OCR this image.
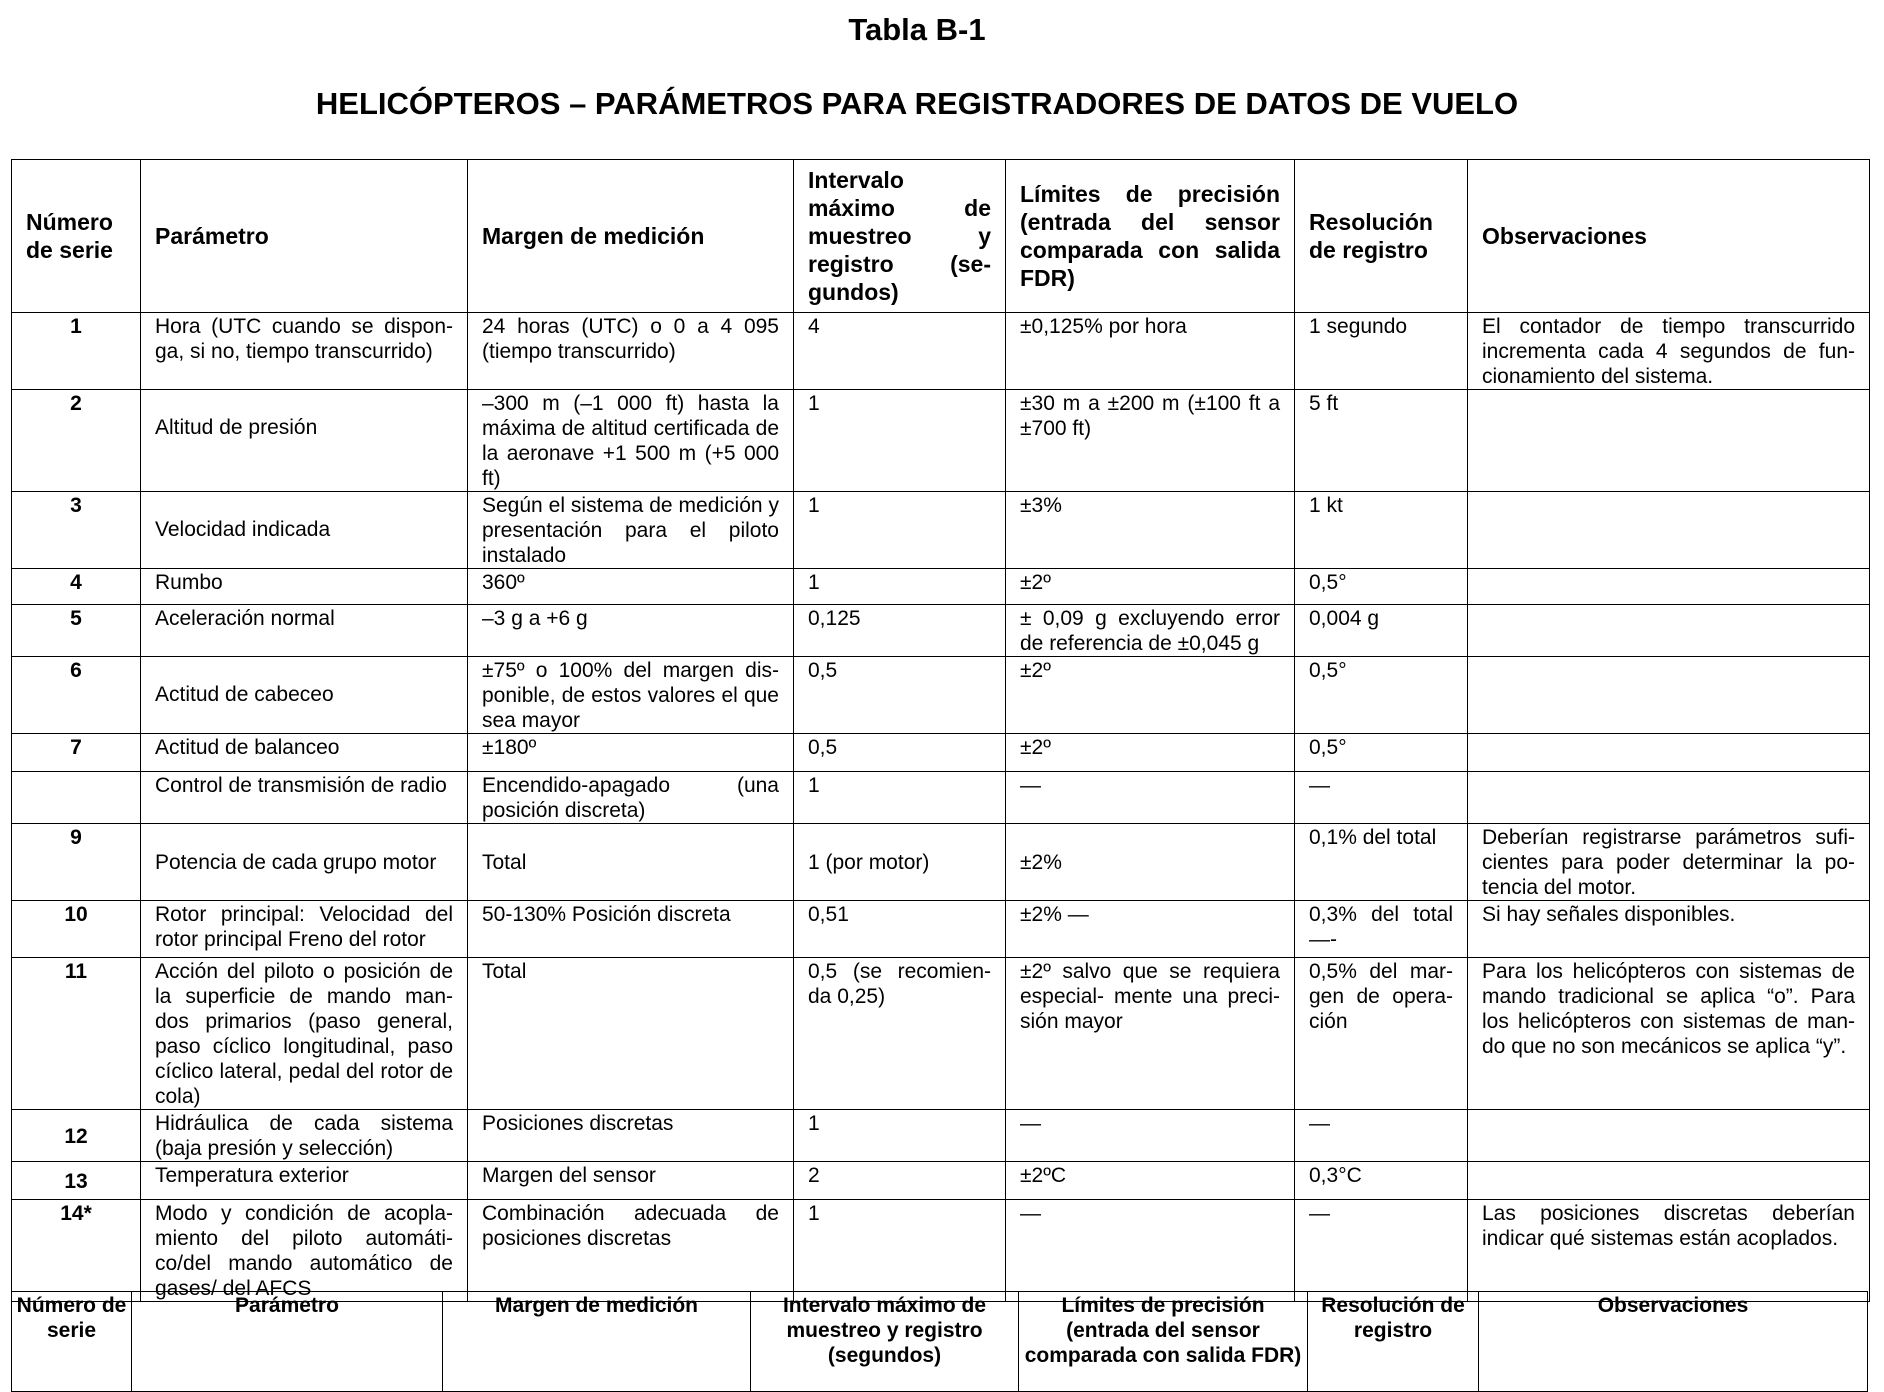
Tabla B-1
HELICÓPTEROS – PARÁMETROS PARA REGISTRADORES DE DATOS DE VUELO
Número de serie	Parámetro	Margen de medición	Intervalo máximo de muestreo y registro (se- gundos)	Límites de precisión (entrada del sensor comparada con salida FDR)	Resolución de registro	Observaciones
1	Hora (UTC cuando se dispon- ga, si no, tiempo transcurrido)	24 horas (UTC) o 0 a 4 095 (tiempo transcurrido)	4	±0,125% por hora	1 segundo	El contador de tiempo transcurrido incrementa cada 4 segundos de fun- cionamiento del sistema.
2	Altitud de presión	–300 m (–1 000 ft) hasta la máxima de altitud certificada de la aeronave +1 500 m (+5 000 ft)	1	±30 m a ±200 m (±100 ft a ±700 ft)	5 ft	
3	Velocidad indicada	Según el sistema de medición y presentación para el piloto instalado	1	±3%	1 kt	
4	Rumbo	360º	1	±2º	0,5°	
5	Aceleración normal	–3 g a +6 g	0,125	± 0,09 g excluyendo error de referencia de ±0,045 g	0,004 g	
6	Actitud de cabeceo	±75º o 100% del margen dis- ponible, de estos valores el que sea mayor	0,5	±2º	0,5°	
7	Actitud de balanceo	±180º	0,5	±2º	0,5°	
	Control de transmisión de radio	Encendido-apagado (una posición discreta)	1	—	—	
9	Potencia de cada grupo motor	Total	1 (por motor)	±2%	0,1% del total	Deberían registrarse parámetros sufi- cientes para poder determinar la po- tencia del motor.
10	Rotor principal: Velocidad del rotor principal Freno del rotor	50-130% Posición discreta	0,51	±2% —	0,3% del total —-	Si hay señales disponibles.
11	Acción del piloto o posición de la superficie de mando man- dos primarios (paso general, paso cíclico longitudinal, paso cíclico lateral, pedal del rotor de cola)	Total	0,5 (se recomien- da 0,25)	±2º salvo que se requiera especial- mente una preci- sión mayor	0,5% del mar- gen de opera- ción	Para los helicópteros con sistemas de mando tradicional se aplica “o”. Para los helicópteros con sistemas de man- do que no son mecánicos se aplica “y”.
12	Hidráulica de cada sistema (baja presión y selección)	Posiciones discretas	1	—	—	
13	Temperatura exterior	Margen del sensor	2	±2ºC	0,3°C	
14*	Modo y condición de acopla- miento del piloto automáti- co/del mando automático de gases/ del AFCS	Combinación adecuada de posiciones discretas	1	—	—	Las posiciones discretas deberían indicar qué sistemas están acoplados.
Número de serie	Parámetro	Margen de medición	Intervalo máximo de muestreo y registro (segundos)	Límites de precisión (entrada del sensor comparada con salida FDR)	Resolución de registro	Observaciones
